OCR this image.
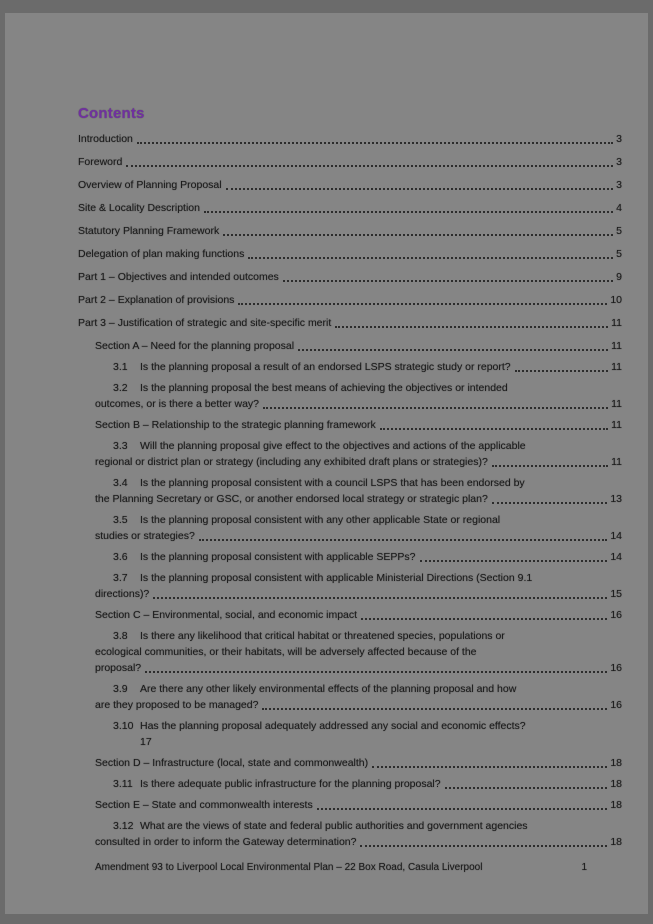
Contents
Introduction	3
Foreword	3
Overview of Planning Proposal	3
Site & Locality Description	4
Statutory Planning Framework	5
Delegation of plan making functions	5
Part 1 – Objectives and intended outcomes	9
Part 2 – Explanation of provisions	10
Part 3 – Justification of strategic and site-specific merit	11
Section A – Need for the planning proposal	11
3.1	Is the planning proposal a result of an endorsed LSPS strategic study or report?	11
3.2	Is the planning proposal the best means of achieving the objectives or intended
outcomes, or is there a better way?	11
Section B – Relationship to the strategic planning framework	11
3.3	Will the planning proposal give effect to the objectives and actions of the applicable
regional or district plan or strategy (including any exhibited draft plans or strategies)?	11
3.4	Is the planning proposal consistent with a council LSPS that has been endorsed by
the Planning Secretary or GSC, or another endorsed local strategy or strategic plan?	13
3.5	Is the planning proposal consistent with any other applicable State or regional
studies or strategies?	14
3.6	Is the planning proposal consistent with applicable SEPPs?	14
3.7	Is the planning proposal consistent with applicable Ministerial Directions (Section 9.1
directions)?	15
Section C – Environmental, social, and economic impact	16
3.8	Is there any likelihood that critical habitat or threatened species, populations or
ecological communities, or their habitats, will be adversely affected because of the
proposal?	16
3.9	Are there any other likely environmental effects of the planning proposal and how
are they proposed to be managed?	16
3.10 Has the planning proposal adequately addressed any social and economic effects?
17
Section D – Infrastructure (local, state and commonwealth)	18
3.11 Is there adequate public infrastructure for the planning proposal?	18
Section E – State and commonwealth interests	18
3.12 What are the views of state and federal public authorities and government agencies
consulted in order to inform the Gateway determination?	18
Amendment 93 to Liverpool Local Environmental Plan – 22 Box Road, Casula Liverpool	1
